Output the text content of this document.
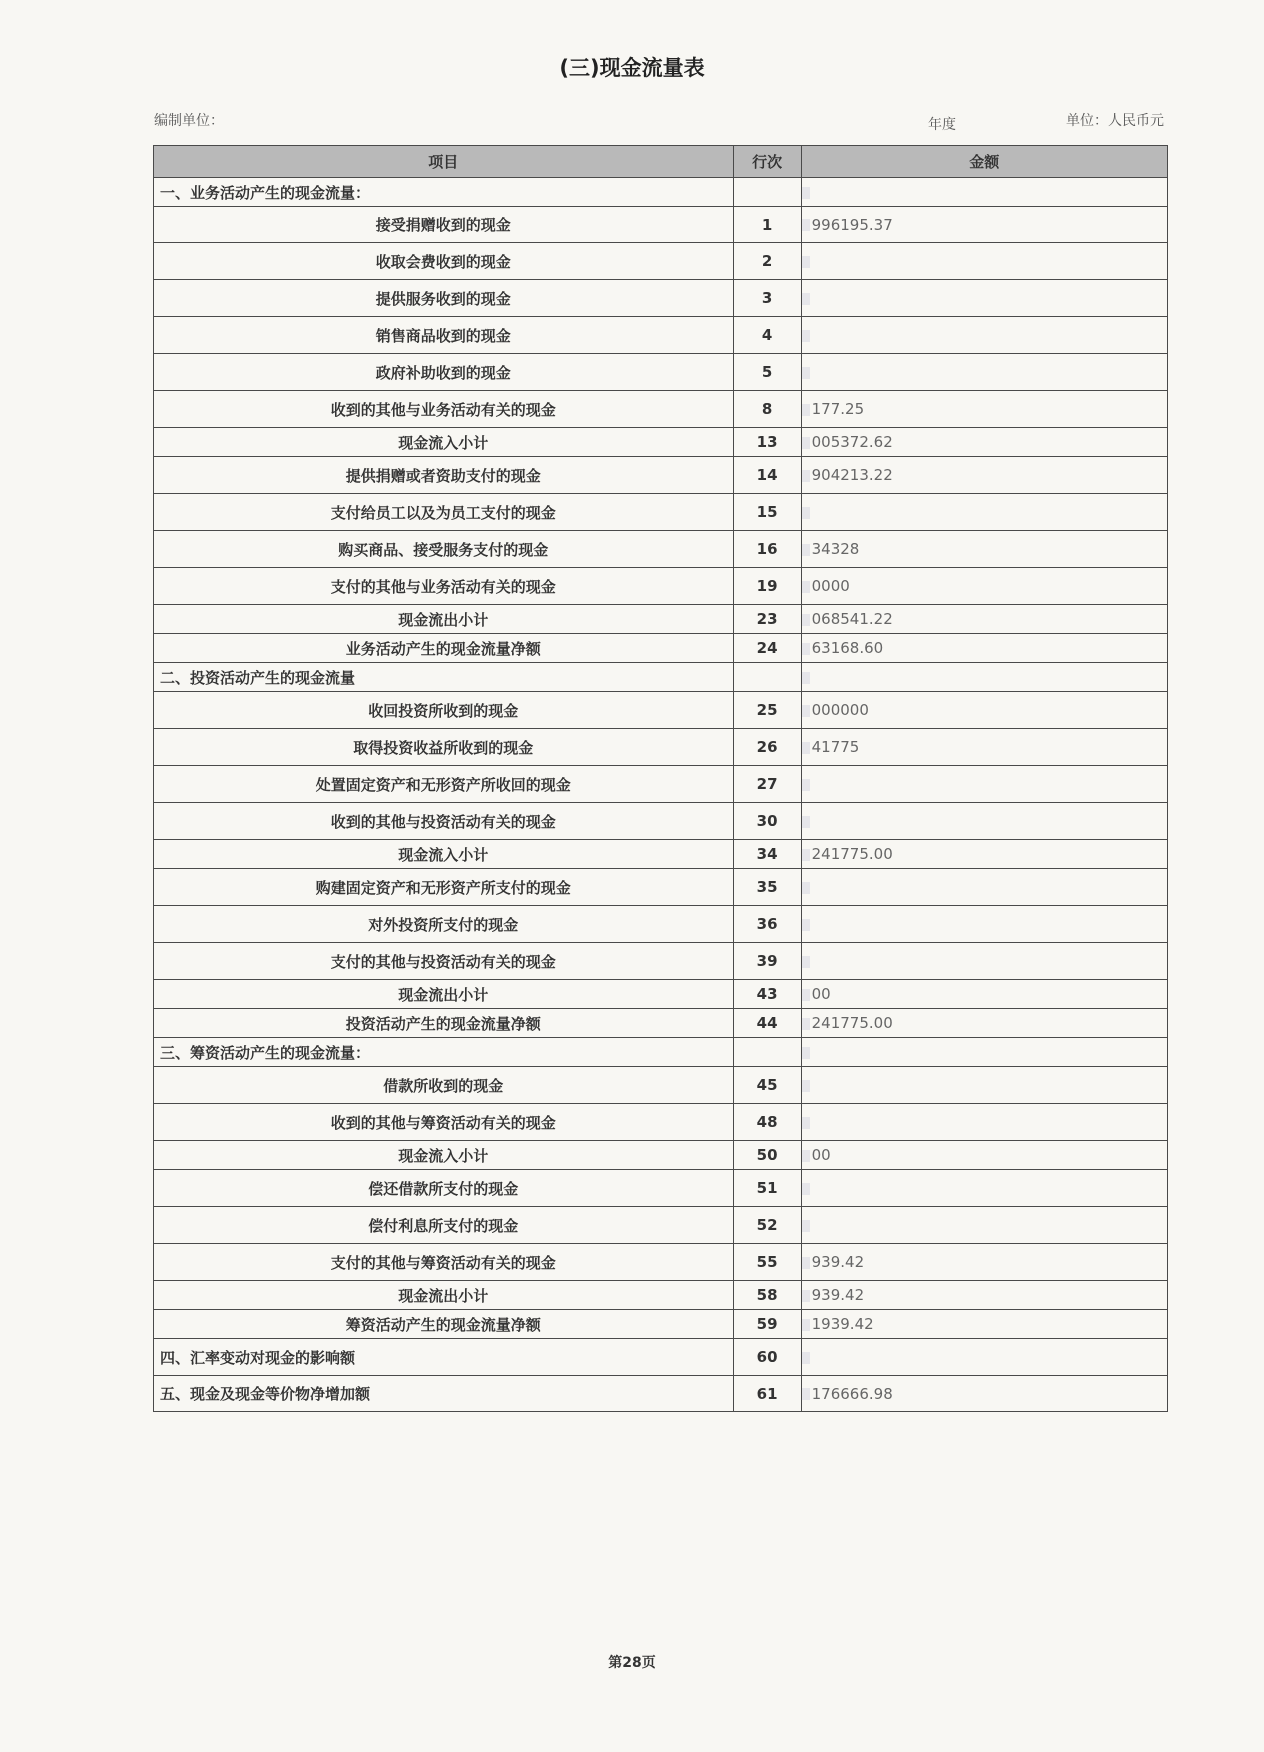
(三)现金流量表
编制单位：	年度	单位：人民币元
项目	行次	金额
一、业务活动产生的现金流量：		
接受捐赠收到的现金	1	996195.37
收取会费收到的现金	2	
提供服务收到的现金	3	
销售商品收到的现金	4	
政府补助收到的现金	5	
收到的其他与业务活动有关的现金	8	177.25
现金流入小计	13	005372.62
提供捐赠或者资助支付的现金	14	904213.22
支付给员工以及为员工支付的现金	15	
购买商品、接受服务支付的现金	16	34328
支付的其他与业务活动有关的现金	19	0000
现金流出小计	23	068541.22
业务活动产生的现金流量净额	24	63168.60
二、投资活动产生的现金流量		
收回投资所收到的现金	25	000000
取得投资收益所收到的现金	26	41775
处置固定资产和无形资产所收回的现金	27	
收到的其他与投资活动有关的现金	30	
现金流入小计	34	241775.00
购建固定资产和无形资产所支付的现金	35	
对外投资所支付的现金	36	
支付的其他与投资活动有关的现金	39	
现金流出小计	43	00
投资活动产生的现金流量净额	44	241775.00
三、筹资活动产生的现金流量：		
借款所收到的现金	45	
收到的其他与筹资活动有关的现金	48	
现金流入小计	50	00
偿还借款所支付的现金	51	
偿付利息所支付的现金	52	
支付的其他与筹资活动有关的现金	55	939.42
现金流出小计	58	939.42
筹资活动产生的现金流量净额	59	1939.42
四、汇率变动对现金的影响额	60	
五、现金及现金等价物净增加额	61	176666.98
第28页
